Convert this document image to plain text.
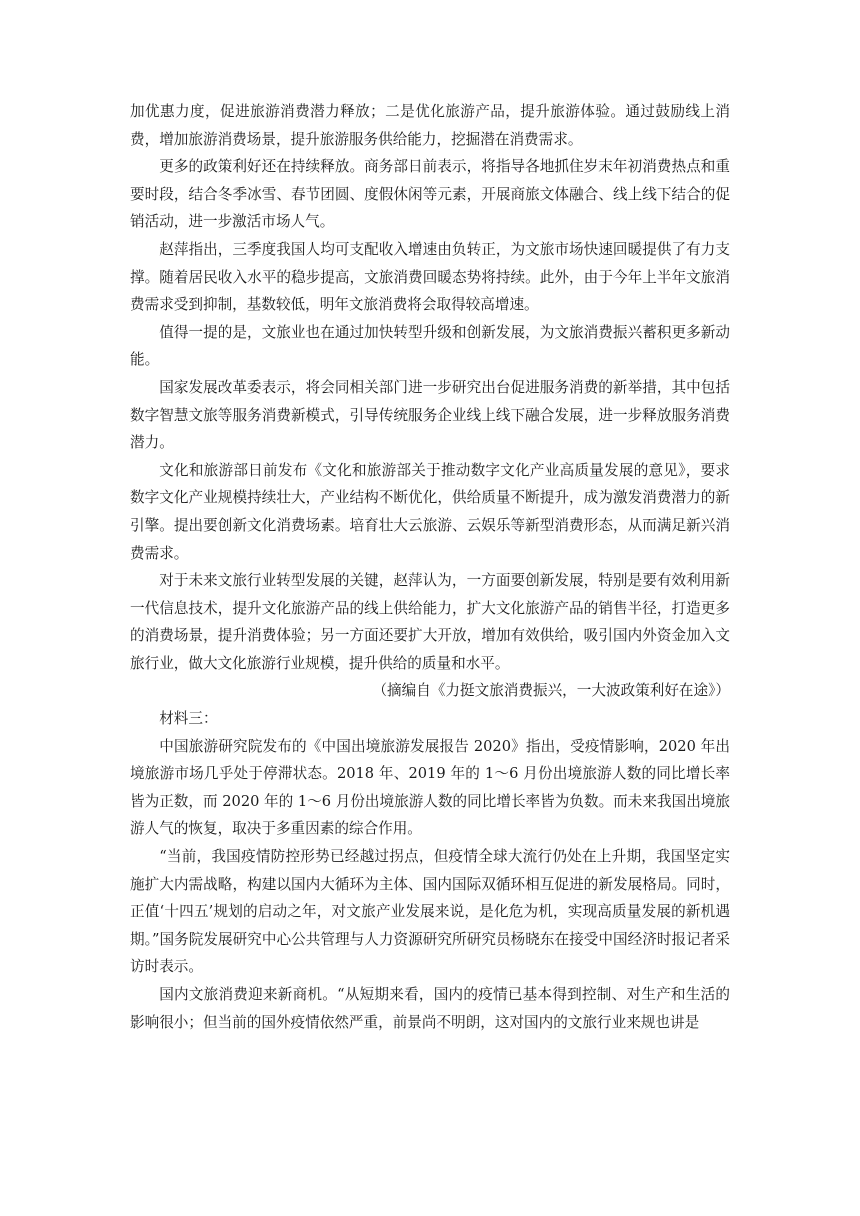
加优惠力度，促进旅游消费潜力释放；二是优化旅游产品，提升旅游体验。通过鼓励线上消费，增加旅游消费场景，提升旅游服务供给能力，挖掘潜在消费需求。

更多的政策利好还在持续释放。商务部日前表示，将指导各地抓住岁末年初消费热点和重要时段，结合冬季冰雪、春节团圆、度假休闲等元素，开展商旅文体融合、线上线下结合的促销活动，进一步激活市场人气。

赵萍指出，三季度我国人均可支配收入增速由负转正，为文旅市场快速回暖提供了有力支撑。随着居民收入水平的稳步提高，文旅消费回暖态势将持续。此外，由于今年上半年文旅消费需求受到抑制，基数较低，明年文旅消费将会取得较高增速。

值得一提的是，文旅业也在通过加快转型升级和创新发展，为文旅消费振兴蓄积更多新动能。

国家发展改革委表示，将会同相关部门进一步研究出台促进服务消费的新举措，其中包括数字智慧文旅等服务消费新模式，引导传统服务企业线上线下融合发展，进一步释放服务消费潜力。

文化和旅游部日前发布《文化和旅游部关于推动数字文化产业高质量发展的意见》，要求数字文化产业规模持续壮大，产业结构不断优化，供给质量不断提升，成为激发消费潜力的新引擎。提出要创新文化消费场素。培育壮大云旅游、云娱乐等新型消费形态，从而满足新兴消费需求。

对于未来文旅行业转型发展的关键，赵萍认为，一方面要创新发展，特别是要有效利用新一代信息技术，提升文化旅游产品的线上供给能力，扩大文化旅游产品的销售半径，打造更多的消费场景，提升消费体验；另一方面还要扩大开放，增加有效供给，吸引国内外资金加入文旅行业，做大文化旅游行业规模，提升供给的质量和水平。

（摘编自《力挺文旅消费振兴，一大波政策利好在途》）

材料三：

中国旅游研究院发布的《中国出境旅游发展报告 2020》指出，受疫情影响，2020 年出境旅游市场几乎处于停滞状态。2018 年、2019 年的 1～6 月份出境旅游人数的同比增长率皆为正数，而 2020 年的 1～6 月份出境旅游人数的同比增长率皆为负数。而未来我国出境旅游人气的恢复，取决于多重因素的综合作用。

“当前，我国疫情防控形势已经越过拐点，但疫情全球大流行仍处在上升期，我国坚定实施扩大内需战略，构建以国内大循环为主体、国内国际双循环相互促进的新发展格局。同时，正值‘十四五’规划的启动之年，对文旅产业发展来说，是化危为机，实现高质量发展的新机遇期。”国务院发展研究中心公共管理与人力资源研究所研究员杨晓东在接受中国经济时报记者采访时表示。

国内文旅消费迎来新商机。“从短期来看，国内的疫情已基本得到控制、对生产和生活的影响很小；但当前的国外疫情依然严重，前景尚不明朗，这对国内的文旅行业来规也讲是
